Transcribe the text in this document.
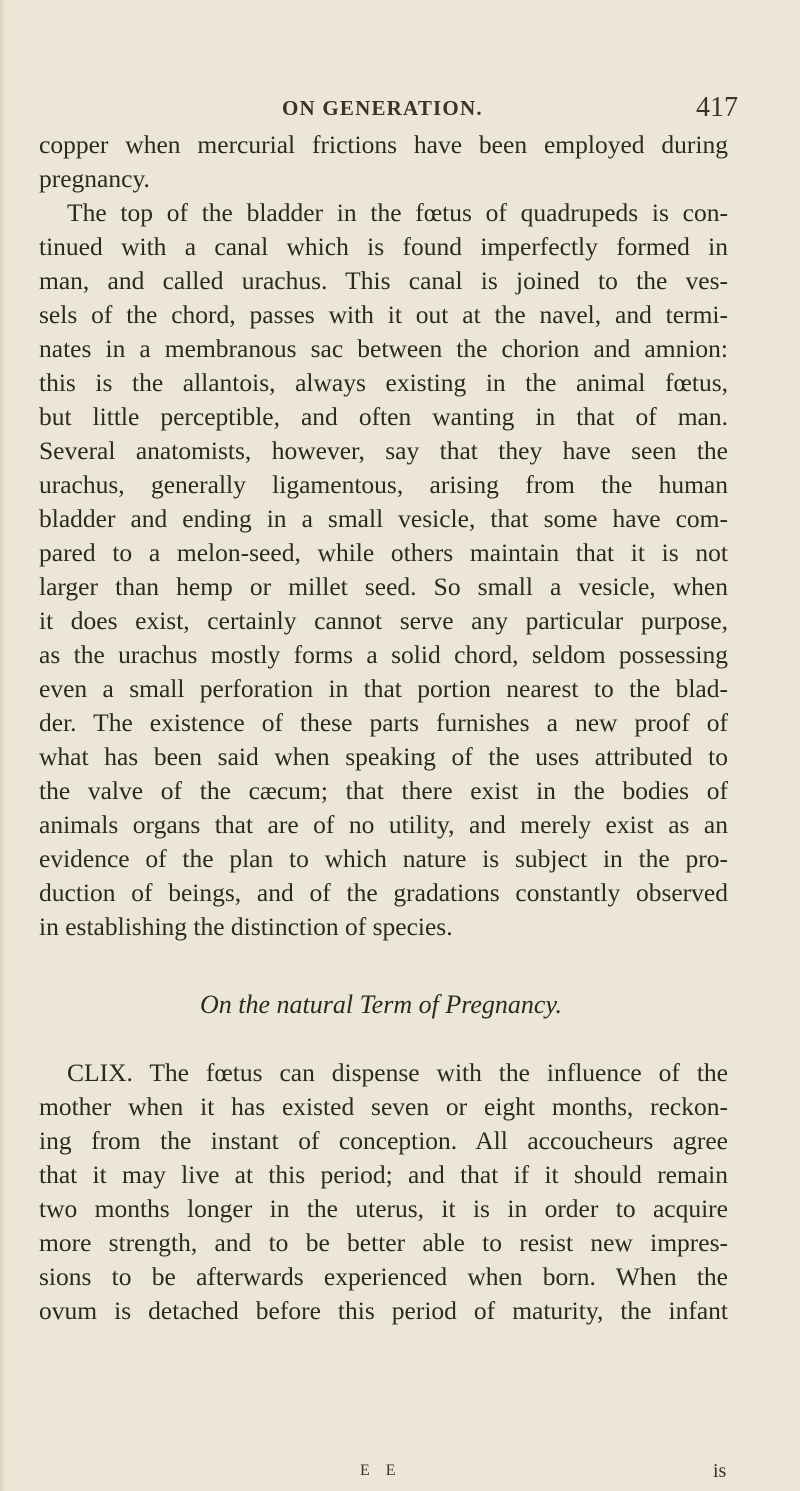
ON GENERATION.	417
copper when mercurial frictions have been employed during
pregnancy.
The top of the bladder in the fœtus of quadrupeds is con-
tinued with a canal which is found imperfectly formed in
man, and called urachus. This canal is joined to the ves-
sels of the chord, passes with it out at the navel, and termi-
nates in a membranous sac between the chorion and amnion:
this is the allantois, always existing in the animal fœtus,
but little perceptible, and often wanting in that of man.
Several anatomists, however, say that they have seen the
urachus, generally ligamentous, arising from the human
bladder and ending in a small vesicle, that some have com-
pared to a melon-seed, while others maintain that it is not
larger than hemp or millet seed. So small a vesicle, when
it does exist, certainly cannot serve any particular purpose,
as the urachus mostly forms a solid chord, seldom possessing
even a small perforation in that portion nearest to the blad-
der. The existence of these parts furnishes a new proof of
what has been said when speaking of the uses attributed to
the valve of the cæcum; that there exist in the bodies of
animals organs that are of no utility, and merely exist as an
evidence of the plan to which nature is subject in the pro-
duction of beings, and of the gradations constantly observed
in establishing the distinction of species.
On the natural Term of Pregnancy.
CLIX. The fœtus can dispense with the influence of the
mother when it has existed seven or eight months, reckon-
ing from the instant of conception. All accoucheurs agree
that it may live at this period; and that if it should remain
two months longer in the uterus, it is in order to acquire
more strength, and to be better able to resist new impres-
sions to be afterwards experienced when born. When the
ovum is detached before this period of maturity, the infant
E E	is
